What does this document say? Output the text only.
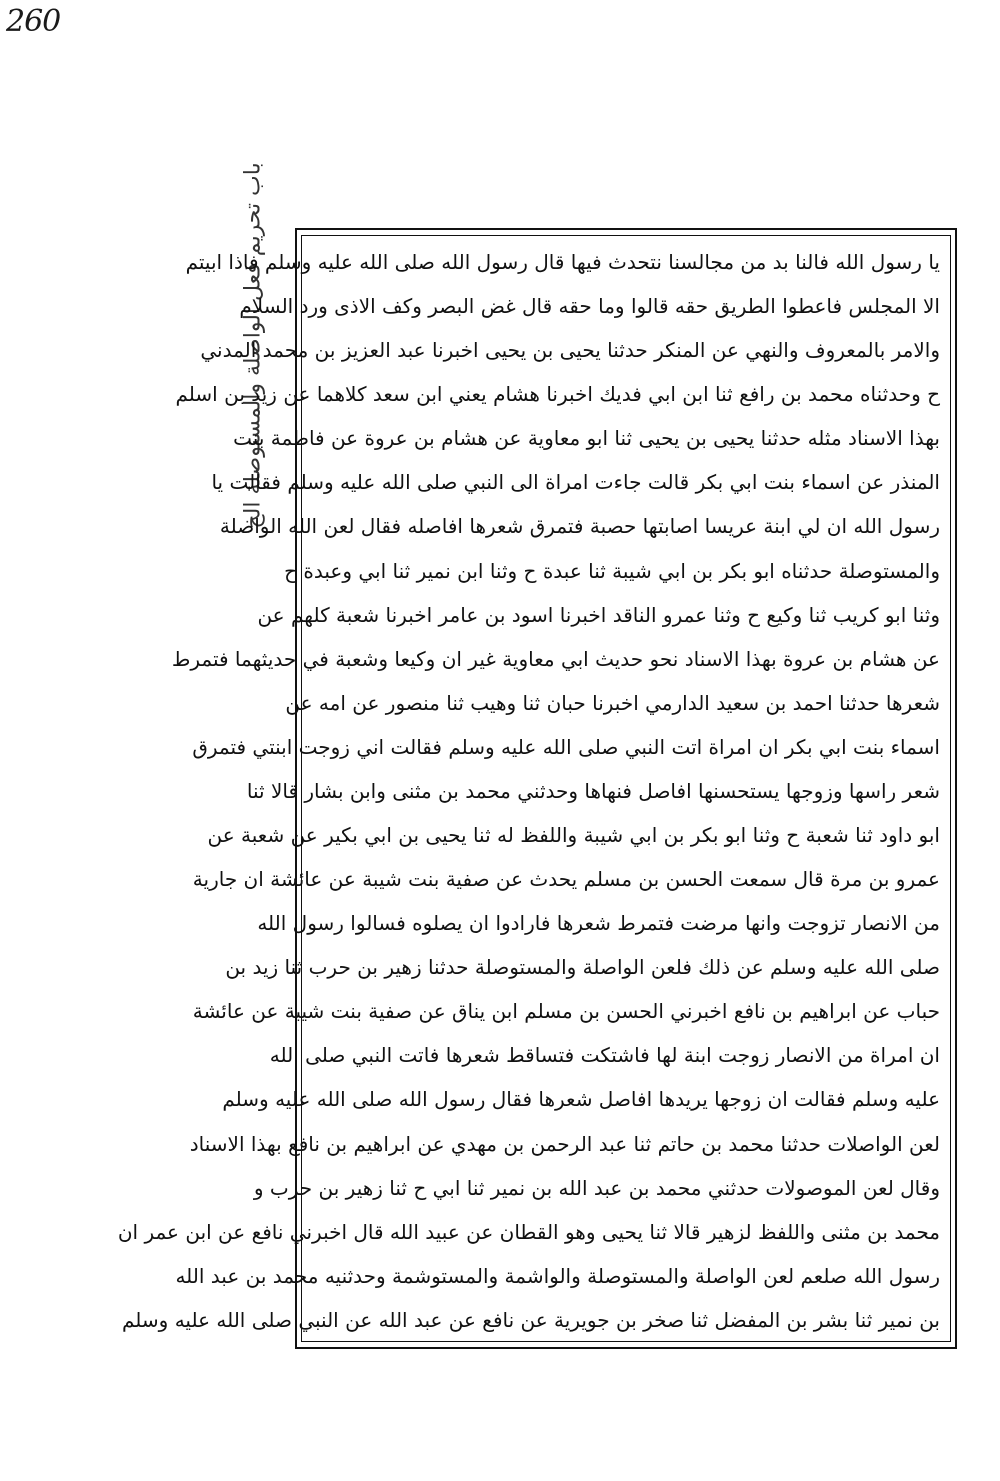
260
باب تحريم فعل الواصلة والمستوصلة الخ
يا رسول الله فالنا بد من مجالسنا نتحدث فيها قال رسول الله صلى الله عليه وسلم فاذا ابيتم
الا المجلس فاعطوا الطريق حقه قالوا وما حقه قال غض البصر وكف الاذى ورد السلام
والامر بالمعروف والنهي عن المنكر حدثنا يحيى بن يحيى اخبرنا عبد العزيز بن محمد المدني
ح وحدثناه محمد بن رافع ثنا ابن ابي فديك اخبرنا هشام يعني ابن سعد كلاهما عن زيد بن اسلم
بهذا الاسناد مثله حدثنا يحيى بن يحيى ثنا ابو معاوية عن هشام بن عروة عن فاطمة بنت
المنذر عن اسماء بنت ابي بكر قالت جاءت امراة الى النبي صلى الله عليه وسلم فقالت يا
رسول الله ان لي ابنة عريسا اصابتها حصبة فتمرق شعرها افاصله فقال لعن الله الواصلة
والمستوصلة حدثناه ابو بكر بن ابي شيبة ثنا عبدة ح وثنا ابن نمير ثنا ابي وعبدة ح
وثنا ابو كريب ثنا وكيع ح وثنا عمرو الناقد اخبرنا اسود بن عامر اخبرنا شعبة كلهم عن
عن هشام بن عروة بهذا الاسناد نحو حديث ابي معاوية غير ان وكيعا وشعبة في حديثهما فتمرط
شعرها حدثنا احمد بن سعيد الدارمي اخبرنا حبان ثنا وهيب ثنا منصور عن امه عن
اسماء بنت ابي بكر ان امراة اتت النبي صلى الله عليه وسلم فقالت اني زوجت ابنتي فتمرق
شعر راسها وزوجها يستحسنها افاصل فنهاها وحدثني محمد بن مثنى وابن بشار قالا ثنا
ابو داود ثنا شعبة ح وثنا ابو بكر بن ابي شيبة واللفظ له ثنا يحيى بن ابي بكير عن شعبة عن
عمرو بن مرة قال سمعت الحسن بن مسلم يحدث عن صفية بنت شيبة عن عائشة ان جارية
من الانصار تزوجت وانها مرضت فتمرط شعرها فارادوا ان يصلوه فسالوا رسول الله
صلى الله عليه وسلم عن ذلك فلعن الواصلة والمستوصلة حدثنا زهير بن حرب ثنا زيد بن
حباب عن ابراهيم بن نافع اخبرني الحسن بن مسلم ابن يناق عن صفية بنت شيبة عن عائشة
ان امراة من الانصار زوجت ابنة لها فاشتكت فتساقط شعرها فاتت النبي صلى الله
عليه وسلم فقالت ان زوجها يريدها افاصل شعرها فقال رسول الله صلى الله عليه وسلم
لعن الواصلات حدثنا محمد بن حاتم ثنا عبد الرحمن بن مهدي عن ابراهيم بن نافع بهذا الاسناد
وقال لعن الموصولات حدثني محمد بن عبد الله بن نمير ثنا ابي ح ثنا زهير بن حرب و
محمد بن مثنى واللفظ لزهير قالا ثنا يحيى وهو القطان عن عبيد الله قال اخبرني نافع عن ابن عمر ان
رسول الله صلعم لعن الواصلة والمستوصلة والواشمة والمستوشمة وحدثنيه محمد بن عبد الله
بن نمير ثنا بشر بن المفضل ثنا صخر بن جويرية عن نافع عن عبد الله عن النبي صلى الله عليه وسلم
